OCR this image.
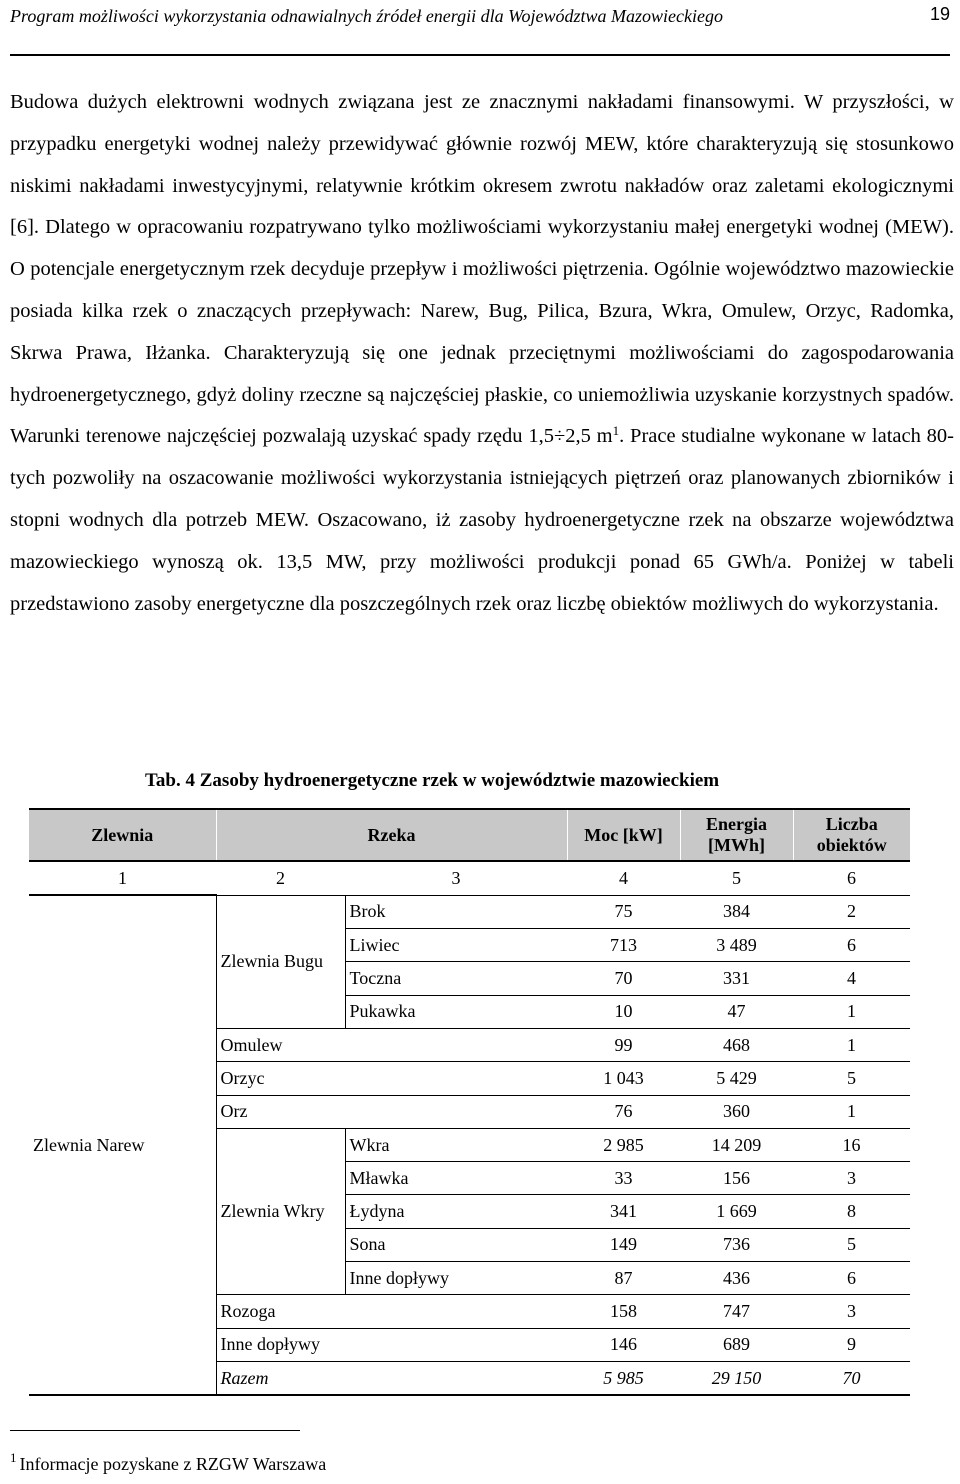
Program możliwości wykorzystania odnawialnych źródeł energii dla Województwa Mazowieckiego	19

Budowa dużych elektrowni wodnych związana jest ze znacznymi nakładami finansowymi. W przyszłości, w przypadku energetyki wodnej należy przewidywać głównie rozwój MEW, które charakteryzują się stosunkowo niskimi nakładami inwestycyjnymi, relatywnie krótkim okresem zwrotu nakładów oraz zaletami ekologicznymi [6]. Dlatego w opracowaniu rozpatrywano tylko możliwościami wykorzystaniu małej energetyki wodnej (MEW). O potencjale energetycznym rzek decyduje przepływ i możliwości piętrzenia. Ogólnie województwo mazowieckie posiada kilka rzek o znaczących przepływach: Narew, Bug, Pilica, Bzura, Wkra, Omulew, Orzyc, Radomka, Skrwa Prawa, Iłżanka. Charakteryzują się one jednak przeciętnymi możliwościami do zagospodarowania hydroenergetycznego, gdyż doliny rzeczne są najczęściej płaskie, co uniemożliwia uzyskanie korzystnych spadów. Warunki terenowe najczęściej pozwalają uzyskać spady rzędu 1,5÷2,5 $m^1$. Prace studialne wykonane w latach 80-tych pozwoliły na oszacowanie możliwości wykorzystania istniejących piętrzeń oraz planowanych zbiorników i stopni wodnych dla potrzeb MEW. Oszacowano, iż zasoby hydroenergetyczne rzek na obszarze województwa mazowieckiego wynoszą ok. 13,5 MW, przy możliwości produkcji ponad 65 GWh/a. Poniżej w tabeli przedstawiono zasoby energetyczne dla poszczególnych rzek oraz liczbę obiektów możliwych do wykorzystania.

Tab. 4 Zasoby hydroenergetyczne rzek w województwie mazowieckiem
Zlewnia	Rzeka		Moc [kW]	Energia [MWh]	Liczba obiektów
1	2	3	4	5	6
Zlewnia Narew	Zlewnia Bugu	Brok	75	384	2
		Liwiec	713	3 489	6
		Toczna	70	331	4
		Pukawka	10	47	1
	Omulew		99	468	1
	Orzyc		1 043	5 429	5
	Orz		76	360	1

	Zlewnia Wkry	Wkra	2 985	14 209	16
		Mławka	33	156	3
		Łydyna	341	1 669	8
		Sona	149	736	5
		Inne dopływy	87	436	6
	Rozoga		158	747	3
	Inne dopływy		146	689	9
	Razem		5 985	29 150	70
$^1$ Informacje pozyskane z RZGW Warszawa
